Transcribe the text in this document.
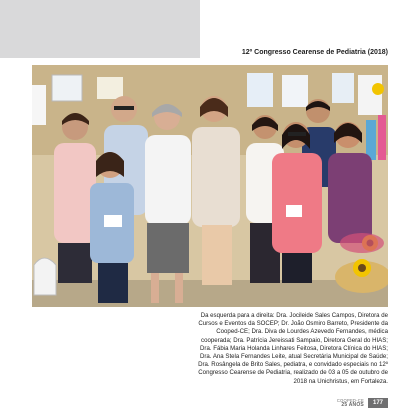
12º Congresso Cearense de Pediatria (2018)

Da esquerda para a direita: Dra. Jocileide Sales Campos, Diretora de Cursos e Eventos da SOCEP; Dr. João Osmiro Barreto, Presidente da Cooped-CE; Dra. Diva de Lourdes Azevedo Fernandes, médica cooperada; Dra. Patrícia Jereissati Sampaio, Diretora Geral do HIAS; Dra. Fábia Maria Holanda Linhares Feitosa, Diretora Clínica do HIAS; Dra. Ana Stela Fernandes Leite, atual Secretária Municipal de Saúde; Dra. Rosângela de Brito Sales, pediatra, e convidado especiais no 12º Congresso Cearense de Pediatria, realizado de 03 a 05 de outubro de 2018 na Unichristus, em Fortaleza.

COOPED-CE
25 ANOS	177
